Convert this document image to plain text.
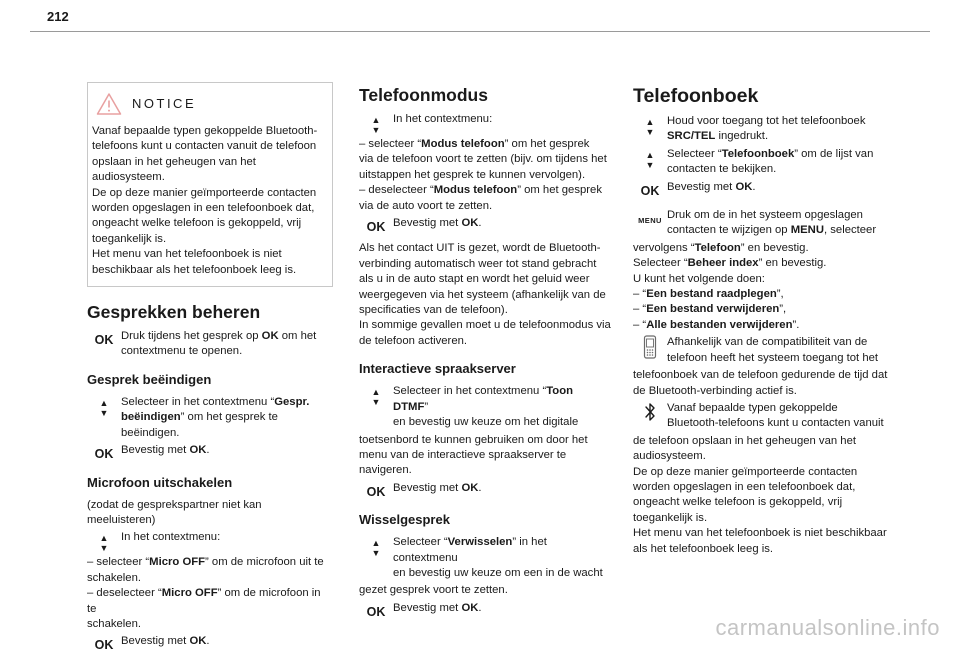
212
NOTICE

Vanaf bepaalde typen gekoppelde Bluetooth-
telefoons kunt u contacten vanuit de telefoon
opslaan in het geheugen van het audiosysteem.
De op deze manier geïmporteerde contacten
worden opgeslagen in een telefoonboek dat,
ongeacht welke telefoon is gekoppeld, vrij
toegankelijk is.
Het menu van het telefoonboek is niet
beschikbaar als het telefoonboek leeg is.

Gesprekken beheren
OK Druk tijdens het gesprek op OK om het
contextmenu te openen.

Gesprek beëindigen
▲
▼

Selecteer in het contextmenu “Gespr.
beëindigen” om het gesprek te beëindigen.

OK Bevestig met OK.

Microfoon uitschakelen

(zodat de gesprekspartner niet kan meeluisteren)

▲
▼

In het contextmenu:

– selecteer “Micro OFF” om de microfoon uit te
schakelen.

– deselecteer “Micro OFF” om de microfoon in te
schakelen.

OK Bevestig met OK.

Telefoonmodus
▲
▼

In het contextmenu:

– selecteer “Modus telefoon” om het gesprek
via de telefoon voort te zetten (bijv. om tijdens het
uitstappen het gesprek te kunnen vervolgen).

– deselecteer “Modus telefoon” om het gesprek
via de auto voort te zetten.

OK Bevestig met OK.

Als het contact UIT is gezet, wordt de Bluetooth-
verbinding automatisch weer tot stand gebracht
als u in de auto stapt en wordt het geluid weer
weergegeven via het systeem (afhankelijk van de
specificaties van de telefoon).
In sommige gevallen moet u de telefoonmodus via
de telefoon activeren.

Interactieve spraakserver
▲
▼

Selecteer in het contextmenu “Toon DTMF”
en bevestig uw keuze om het digitale

toetsenbord te kunnen gebruiken om door het
menu van de interactieve spraakserver te
navigeren.

OK Bevestig met OK.

Wisselgesprek
▲
▼

Selecteer “Verwisselen” in het contextmenu
en bevestig uw keuze om een in de wacht

gezet gesprek voort te zetten.

OK Bevestig met OK.

Telefoonboek
▲
▼

Houd voor toegang tot het telefoonboek
SRC/TEL ingedrukt.

▲
▼

Selecteer “Telefoonboek” om de lijst van
contacten te bekijken.

OK Bevestig met OK.

MENU Druk om de in het systeem opgeslagen
contacten te wijzigen op MENU, selecteer

vervolgens “Telefoon” en bevestig.
Selecteer “Beheer index” en bevestig.
U kunt het volgende doen:
– “Een bestand raadplegen”,
– “Een bestand verwijderen”,
– “Alle bestanden verwijderen”.

Afhankelijk van de compatibiliteit van de
telefoon heeft het systeem toegang tot het

telefoonboek van de telefoon gedurende de tijd dat
de Bluetooth-verbinding actief is.

Vanaf bepaalde typen gekoppelde
Bluetooth-telefoons kunt u contacten vanuit

de telefoon opslaan in het geheugen van het
audiosysteem.
De op deze manier geïmporteerde contacten
worden opgeslagen in een telefoonboek dat,
ongeacht welke telefoon is gekoppeld, vrij
toegankelijk is.
Het menu van het telefoonboek is niet beschikbaar
als het telefoonboek leeg is.

carmanualsonline.info
